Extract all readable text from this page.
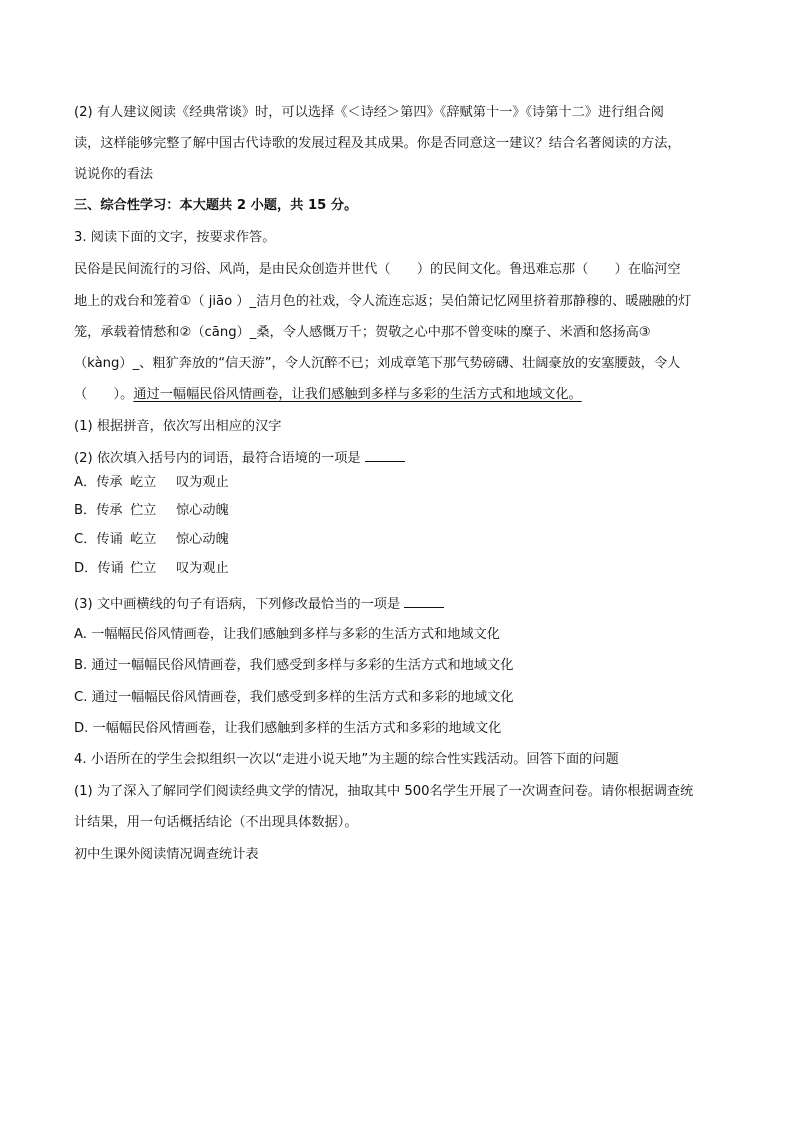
(2) 有人建议阅读《经典常谈》时，可以选择《＜诗经＞第四》《辞赋第十一》《诗第十二》进行组合阅
读，这样能够完整了解中国古代诗歌的发展过程及其成果。你是否同意这一建议？结合名著阅读的方法，
说说你的看法
三、综合性学习：本大题共 2 小题，共 15 分。
3. 阅读下面的文字，按要求作答。
民俗是民间流行的习俗、风尚，是由民众创造并世代（　　）的民间文化。鲁迅难忘那（　　）在临河空
地上的戏台和笼着①（ jiāo ）_洁月色的社戏，令人流连忘返；吴伯箫记忆网里挤着那静穆的、暖融融的灯
笼，承载着情愁和②（cāng）_桑，令人感慨万千；贺敬之心中那不曾变味的糜子、米酒和悠扬高③
（kàng）_、粗犷奔放的“信天游”，令人沉醉不已；刘成章笔下那气势磅礴、壮阔豪放的安塞腰鼓，令人
（　　）。通过一幅幅民俗风情画卷，让我们感触到多样与多彩的生活方式和地域文化。
(1) 根据拼音，依次写出相应的汉字
(2) 依次填入括号内的词语，最符合语境的一项是
A．传承 屹立 叹为观止
B．传承 伫立 惊心动魄
C．传诵 屹立 惊心动魄
D．传诵 伫立 叹为观止
(3) 文中画横线的句子有语病，下列修改最恰当的一项是
A. 一幅幅民俗风情画卷，让我们感触到多样与多彩的生活方式和地域文化
B. 通过一幅幅民俗风情画卷，我们感受到多样与多彩的生活方式和地域文化
C. 通过一幅幅民俗风情画卷，我们感受到多样的生活方式和多彩的地域文化
D. 一幅幅民俗风情画卷，让我们感触到多样的生活方式和多彩的地域文化
4. 小语所在的学生会拟组织一次以“走进小说天地”为主题的综合性实践活动。回答下面的问题
(1) 为了深入了解同学们阅读经典文学的情况，抽取其中 500名学生开展了一次调查问卷。请你根据调查统
计结果，用一句话概括结论（不出现具体数据）。
初中生课外阅读情况调查统计表
